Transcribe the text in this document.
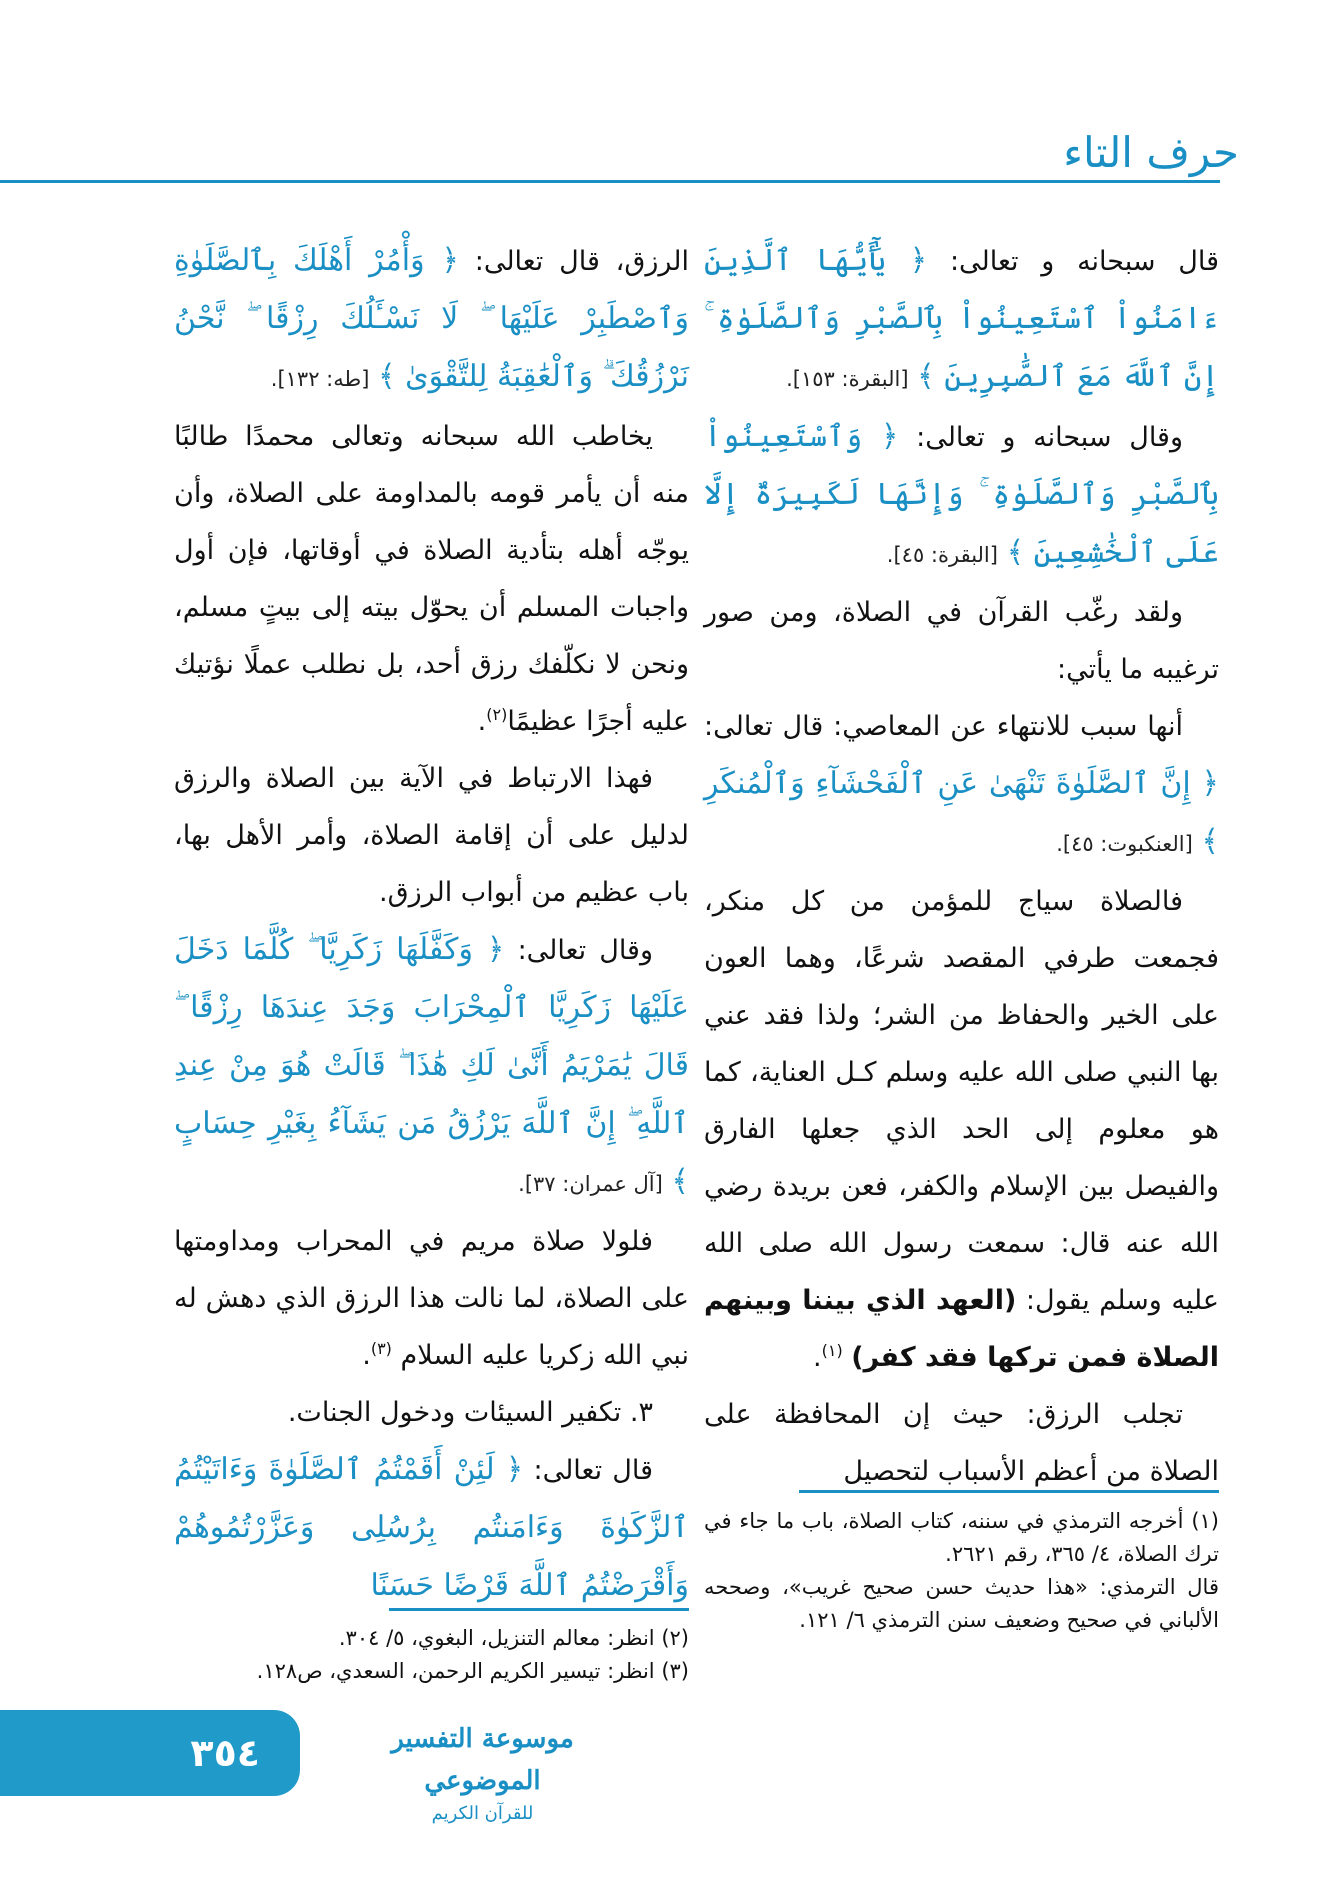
حرف التاء

قال سبحانه و تعالى: ﴿ يَٰٓأَيُّهَا ٱلَّذِينَ ءَامَنُواْ ٱسْتَعِينُواْ بِٱلصَّبْرِ وَٱلصَّلَوٰةِ ۚ إِنَّ ٱللَّهَ مَعَ ٱلصَّٰبِرِينَ ﴾ [البقرة: ١٥٣].

وقال سبحانه و تعالى: ﴿ وَٱسْتَعِينُواْ بِٱلصَّبْرِ وَٱلصَّلَوٰةِ ۚ وَإِنَّهَا لَكَبِيرَةٌ إِلَّا عَلَى ٱلْخَٰشِعِينَ ﴾ [البقرة: ٤٥].

ولقد رغّب القرآن في الصلاة، ومن صور ترغيبه ما يأتي:

أنها سبب للانتهاء عن المعاصي: قال تعالى: ﴿ إِنَّ ٱلصَّلَوٰةَ تَنْهَىٰ عَنِ ٱلْفَحْشَآءِ وَٱلْمُنكَرِ ﴾ [العنكبوت: ٤٥].

فالصلاة سياج للمؤمن من كل منكر، فجمعت طرفي المقصد شرعًا، وهما العون على الخير والحفاظ من الشر؛ ولذا فقد عني بها النبي صلى الله عليه وسلم كـل العناية، كما هو معلوم إلى الحد الذي جعلها الفارق والفيصل بين الإسلام والكفر، فعن بريدة رضي الله عنه قال: سمعت رسول الله صلى الله عليه وسلم يقول: (العهد الذي بيننا وبينهم الصلاة فمن تركها فقد كفر) $^{(١)}$.

تجلب الرزق: حيث إن المحافظة على الصلاة من أعظم الأسباب لتحصيل

الرزق، قال تعالى: ﴿ وَأْمُرْ أَهْلَكَ بِٱلصَّلَوٰةِ وَٱصْطَبِرْ عَلَيْهَا ۖ لَا نَسْـَٔلُكَ رِزْقًا ۖ نَّحْنُ نَرْزُقُكَ ۗ وَٱلْعَٰقِبَةُ لِلتَّقْوَىٰ ﴾ [طه: ١٣٢].

يخاطب الله سبحانه وتعالى محمدًا طالبًا منه أن يأمر قومه بالمداومة على الصلاة، وأن يوجّه أهله بتأدية الصلاة في أوقاتها، فإن أول واجبات المسلم أن يحوّل بيته إلى بيتٍ مسلم، ونحن لا نكلّفك رزق أحد، بل نطلب عملًا نؤتيك عليه أجرًا عظيمًا$^{(٢)}$.

فهذا الارتباط في الآية بين الصلاة والرزق لدليل على أن إقامة الصلاة، وأمر الأهل بها، باب عظيم من أبواب الرزق.

وقال تعالى: ﴿ وَكَفَّلَهَا زَكَرِيَّا ۖ كُلَّمَا دَخَلَ عَلَيْهَا زَكَرِيَّا ٱلْمِحْرَابَ وَجَدَ عِندَهَا رِزْقًا ۖ قَالَ يَٰمَرْيَمُ أَنَّىٰ لَكِ هَٰذَا ۖ قَالَتْ هُوَ مِنْ عِندِ ٱللَّهِ ۖ إِنَّ ٱللَّهَ يَرْزُقُ مَن يَشَآءُ بِغَيْرِ حِسَابٍ ﴾ [آل عمران: ٣٧].

فلولا صلاة مريم في المحراب ومداومتها على الصلاة، لما نالت هذا الرزق الذي دهش له نبي الله زكريا عليه السلام $^{(٣)}$.

٣. تكفير السيئات ودخول الجنات.

قال تعالى: ﴿ لَئِنْ أَقَمْتُمُ ٱلصَّلَوٰةَ وَءَاتَيْتُمُ ٱلزَّكَوٰةَ وَءَامَنتُم بِرُسُلِى وَعَزَّرْتُمُوهُمْ وَأَقْرَضْتُمُ ٱللَّهَ قَرْضًا حَسَنًا

(١) أخرجه الترمذي في سننه، كتاب الصلاة، باب ما جاء في ترك الصلاة، ٤/ ٣٦٥، رقم ٢٦٢١.

قال الترمذي: «هذا حديث حسن صحيح غريب»، وصححه الألباني في صحيح وضعيف سنن الترمذي ٦/ ١٢١.

(٢) انظر: معالم التنزيل، البغوي، ٥/ ٣٠٤.

(٣) انظر: تيسير الكريم الرحمن، السعدي، ص١٢٨.

٣٥٤	موسوعة التفسير الموضوعي
للقرآن الكريم
